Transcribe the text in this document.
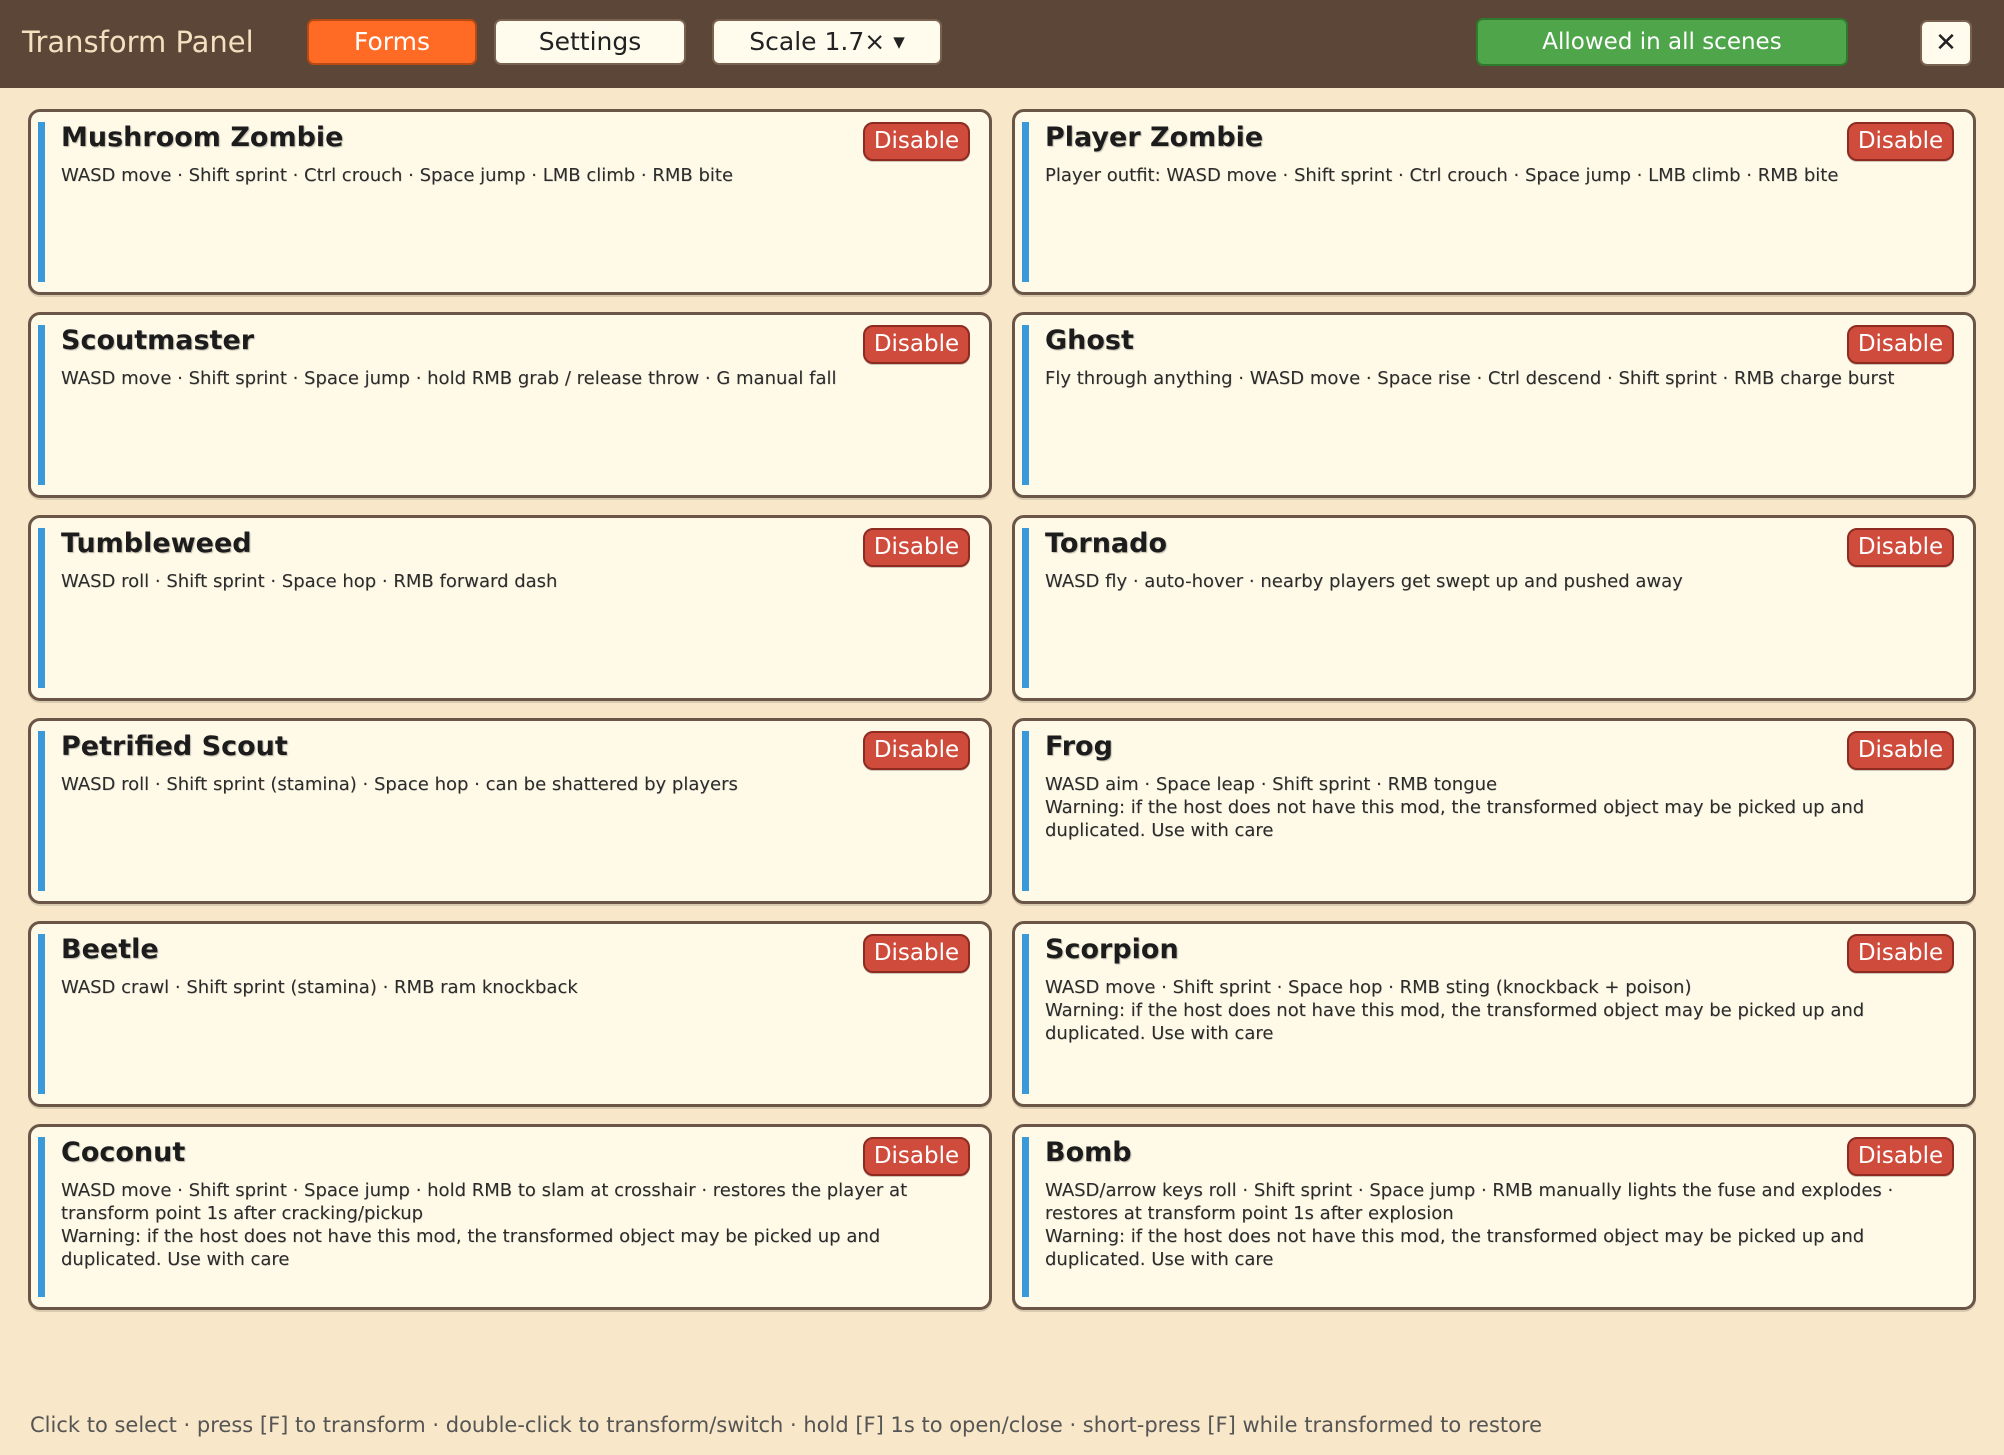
Transform Panel	Forms	Settings	Scale 1.7× ▼	Allowed in all scenes	✕
Mushroom Zombie	Disable
WASD move · Shift sprint · Ctrl crouch · Space jump · LMB climb · RMB bite
Player Zombie	Disable
Player outfit: WASD move · Shift sprint · Ctrl crouch · Space jump · LMB climb · RMB bite
Scoutmaster	Disable
WASD move · Shift sprint · Space jump · hold RMB grab / release throw · G manual fall
Ghost	Disable
Fly through anything · WASD move · Space rise · Ctrl descend · Shift sprint · RMB charge burst
Tumbleweed	Disable
WASD roll · Shift sprint · Space hop · RMB forward dash
Tornado	Disable
WASD fly · auto-hover · nearby players get swept up and pushed away
Petrified Scout	Disable
WASD roll · Shift sprint (stamina) · Space hop · can be shattered by players
Frog	Disable
WASD aim · Space leap · Shift sprint · RMB tongue
Warning: if the host does not have this mod, the transformed object may be picked up and duplicated. Use with care
Beetle	Disable
WASD crawl · Shift sprint (stamina) · RMB ram knockback
Scorpion	Disable
WASD move · Shift sprint · Space hop · RMB sting (knockback + poison)
Warning: if the host does not have this mod, the transformed object may be picked up and duplicated. Use with care
Coconut	Disable
WASD move · Shift sprint · Space jump · hold RMB to slam at crosshair · restores the player at transform point 1s after cracking/pickup
Warning: if the host does not have this mod, the transformed object may be picked up and duplicated. Use with care
Bomb	Disable
WASD/arrow keys roll · Shift sprint · Space jump · RMB manually lights the fuse and explodes · restores at transform point 1s after explosion
Warning: if the host does not have this mod, the transformed object may be picked up and duplicated. Use with care
Click to select · press [F] to transform · double-click to transform/switch · hold [F] 1s to open/close · short-press [F] while transformed to restore
